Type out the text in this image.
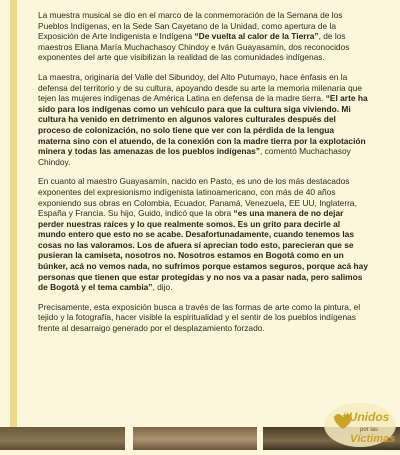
La muestra musical se dio en el marco de la conmemoración de la Semana de los Pueblos Indígenas, en la Sede San Cayetano de la Unidad, como apertura de la Exposición de Arte Indigenista e Indígena “De vuelta al calor de la Tierra”, de los maestros Eliana María Muchachasoy Chindoy e Iván Guayasamín, dos reconocidos exponentes del arte que visibilizan la realidad de las comunidades indígenas.

La maestra, originaria del Valle del Sibundoy, del Alto Putumayo, hace énfasis en la defensa del territorio y de su cultura, apoyando desde su arte la memoria milenaria que tejen las mujeres indígenas de América Latina en defensa de la madre tierra. “El arte ha sido para los indígenas como un vehículo para que la cultura siga viviendo. Mi cultura ha venido en detrimento en algunos valores culturales después del proceso de colonización, no solo tiene que ver con la pérdida de la lengua materna sino con el atuendo, de la conexión con la madre tierra por la explotación minera y todas las amenazas de los pueblos indígenas”, comentó Muchachasoy Chindoy.

En cuanto al maestro Guayasamín, nacido en Pasto, es uno de los más destacados exponentes del expresionismo indígenista latinoamericano, con más de 40 años exponiendo sus obras en Colombia, Ecuador, Panamá, Venezuela, EE UU, Inglaterra, España y Francia. Su hijo, Guido, indicó que la obra “es una manera de no dejar perder nuestras raíces y lo que realmente somos. Es un grito para decirle al mundo entero que esto no se acabe. Desafortunadamente, cuando tenemos las cosas no las valoramos. Los de afuera sí aprecian todo esto, parecieran que se pusieran la camiseta, nosotros no. Nosotros estamos en Bogotá como en un búnker, acá no vemos nada, no sufrimos porque estamos seguros, porque acá hay personas que tienen que estar protegidas y no nos va a pasar nada, pero salimos de Bogotá y el tema cambia”, dijo.

Precisamente, esta exposición busca a través de las formas de arte como la pintura, el tejido y la fotografía, hacer visible la espiritualidad y el sentir de los pueblos indígenas frente al desarraigo generado por el desplazamiento forzado.

#Unidos
por las
Víctimas
